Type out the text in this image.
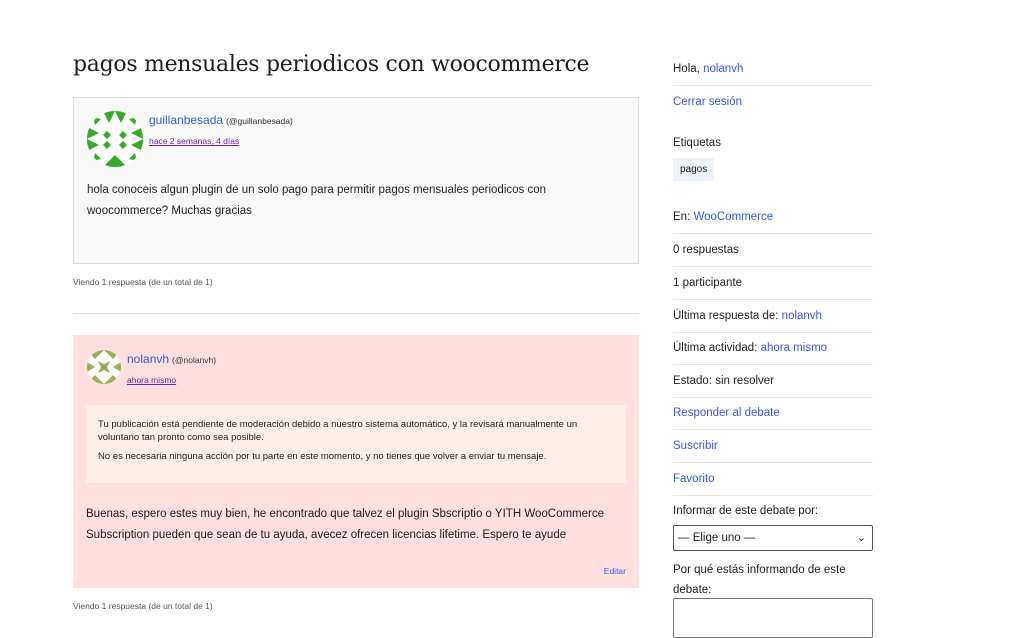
pagos mensuales periodicos con woocommerce
guillanbesada (@guillanbesada)
hace 2 semanas, 4 días
hola conoceis algun plugin de un solo pago para permitir pagos mensuales periodicos con woocommerce? Muchas gracias
Viendo 1 respuesta (de un total de 1)
nolanvh (@nolanvh)
ahora mismo

Tu publicación está pendiente de moderación debido a nuestro sistema automático, y la revisará manualmente un voluntario tan pronto como sea posible.

No es necesaria ninguna acción por tu parte en este momento, y no tienes que volver a enviar tu mensaje.

Buenas, espero estes muy bien, he encontrado que talvez el plugin Sbscriptio o YITH WooCommerce Subscription pueden que sean de tu ayuda, avecez ofrecen licencias lifetime. Espero te ayude
Editar
Viendo 1 respuesta (de un total de 1)
Hola, nolanvh
Cerrar sesión
Etiquetas
pagos
En: WooCommerce
0 respuestas
1 participante
Última respuesta de: nolanvh
Última actividad: ahora mismo
Estado: sin resolver
Responder al debate
Suscribir
Favorito
Informar de este debate por:
— Elige uno —	⌄
Por qué estás informando de este debate:
